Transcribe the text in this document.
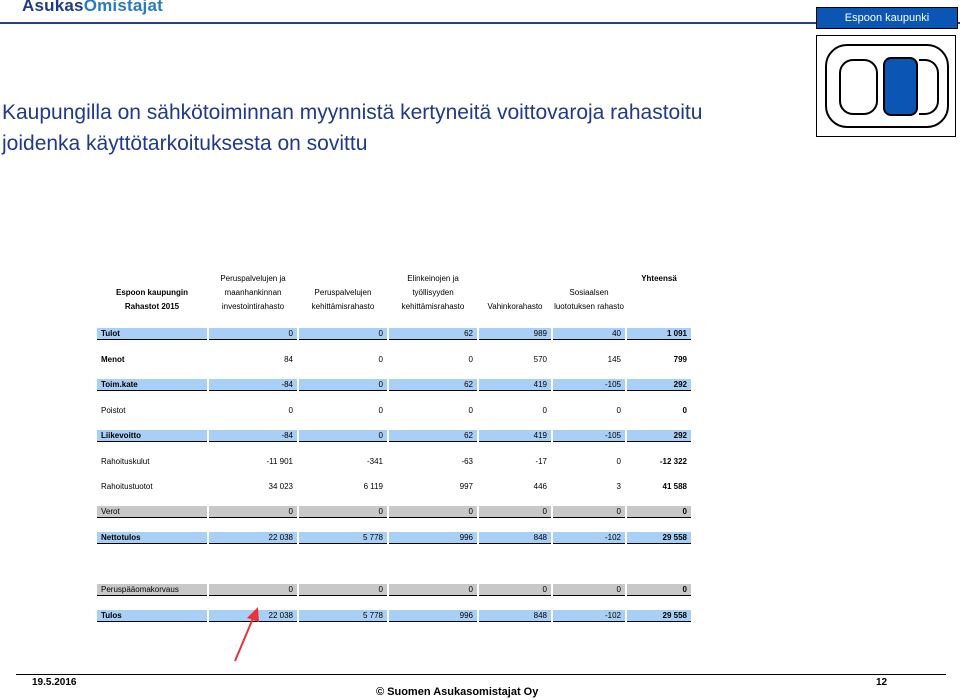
AsukasOmistajat
Espoon kaupunki
Kaupungilla on sähkötoiminnan myynnistä kertyneitä voittovaroja rahastoitu joidenka käyttötarkoituksesta on sovittu
Espoon kaupungin
Rahastot 2015	Peruspalvelujen ja maanhankinnan investointirahasto	Peruspalvelujen kehittämisrahasto	Elinkeinojen ja työllisyyden kehittämisrahasto	Vahinkorahasto	Sosiaalsen luototuksen rahasto	Yhteensä

Tulot	0	0	62	989	40	1 091

Menot	84	0	0	570	145	799

Toim.kate	-84	0	62	419	-105	292

Poistot	0	0	0	0	0	0

Liikevoitto	-84	0	62	419	-105	292

Rahoituskulut	-11 901	-341	-63	-17	0	-12 322

Rahoitustuotot	34 023	6 119	997	446	3	41 588

Verot	0	0	0	0	0	0

Nettotulos	22 038	5 778	996	848	-102	29 558

Peruspääomakorvaus	0	0	0	0	0	0

Tulos	22 038	5 778	996	848	-102	29 558
19.5.2016
© Suomen Asukasomistajat Oy
12
